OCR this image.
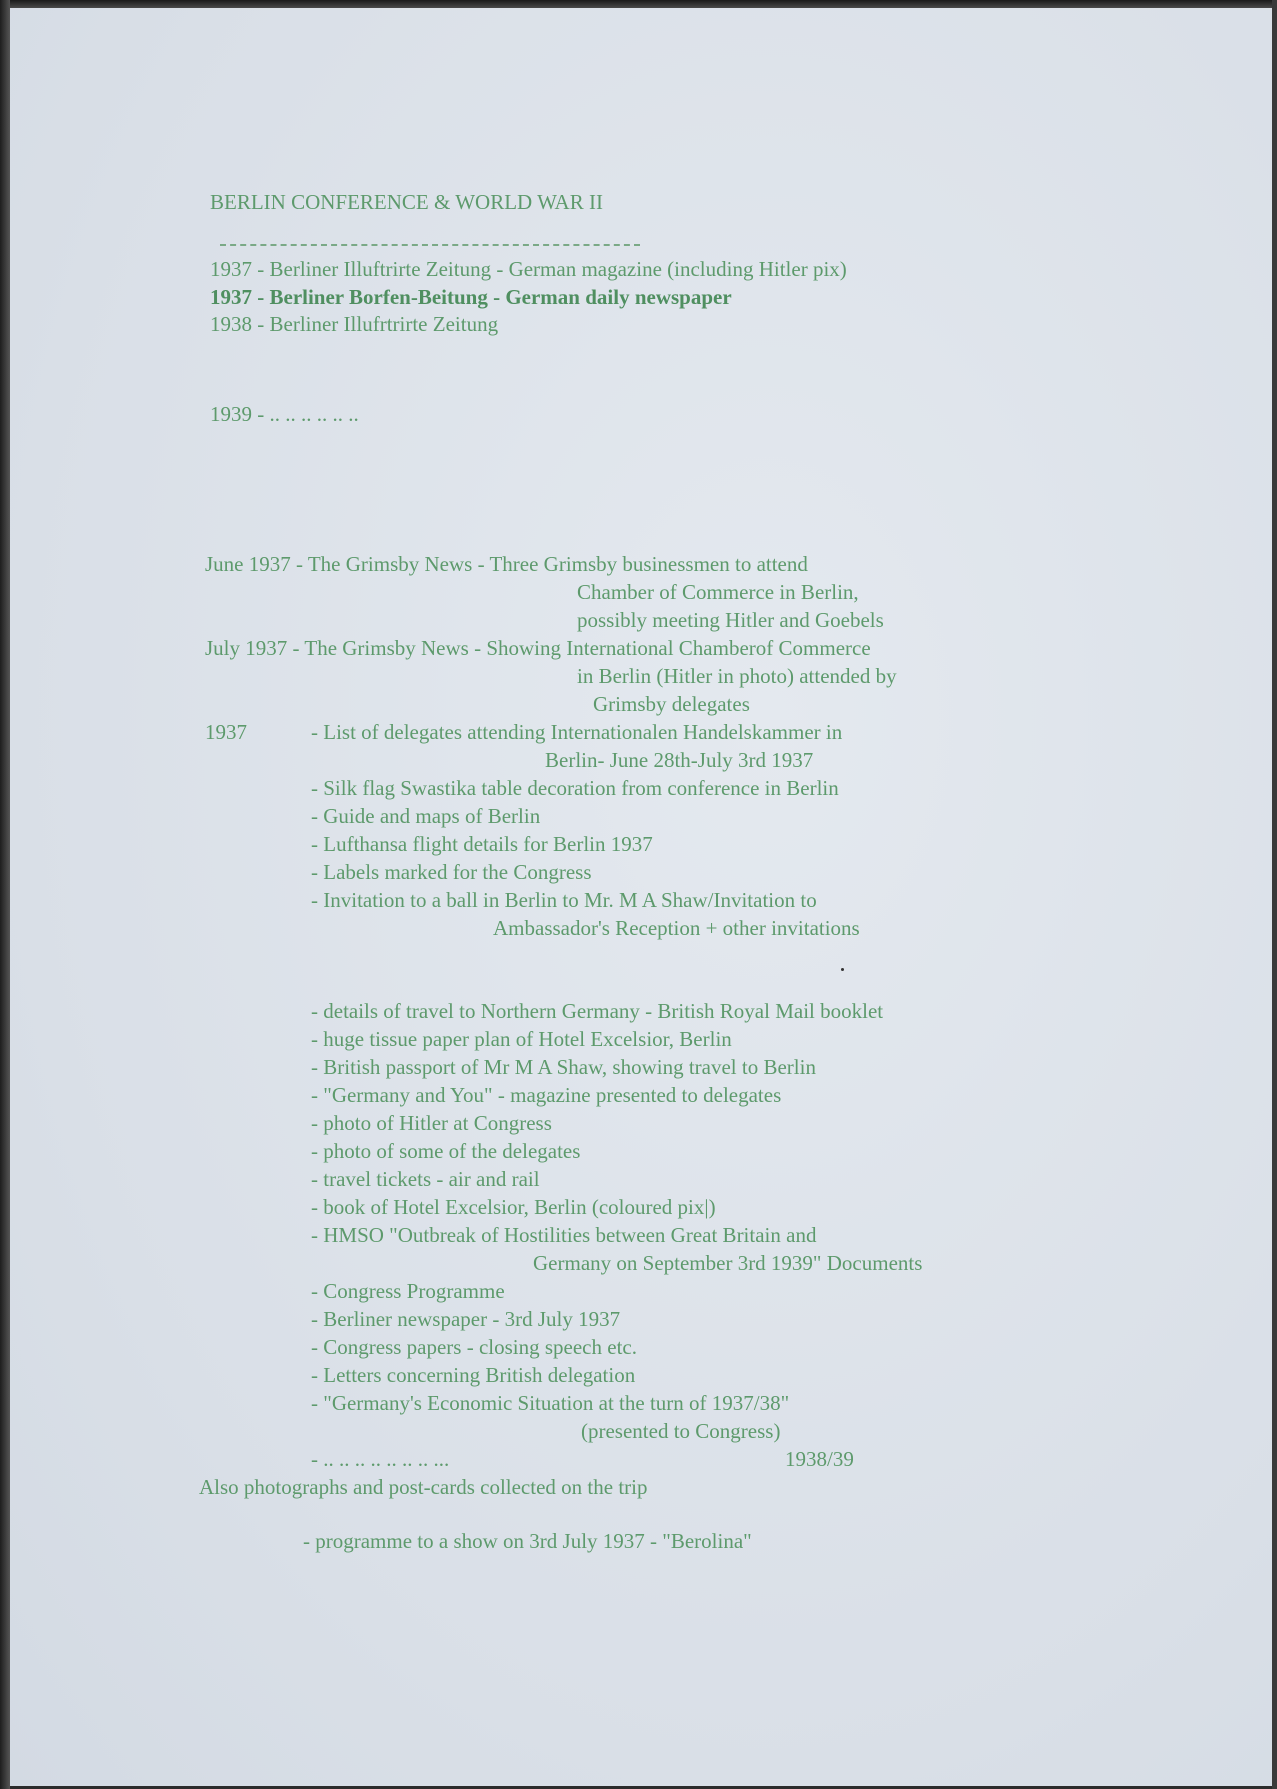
BERLIN CONFERENCE & WORLD WAR II
1937 - Berliner Illuftrirte Zeitung - German magazine (including Hitler pix)
1937 - Berliner Borfen-Beitung - German daily newspaper
1938 - Berliner Illufrtrirte Zeitung
1939 - .. .. .. .. .. ..
June 1937 - The Grimsby News - Three Grimsby businessmen to attend
Chamber of Commerce in Berlin,
possibly meeting Hitler and Goebels
July 1937 - The Grimsby News - Showing International Chamberof Commerce
in Berlin (Hitler in photo) attended by
Grimsby delegates
1937	- List of delegates attending Internationalen Handelskammer in
Berlin- June 28th-July 3rd 1937
- Silk flag Swastika table decoration from conference in Berlin
- Guide and maps of Berlin
- Lufthansa flight details for Berlin 1937
- Labels marked for the Congress
- Invitation to a ball in Berlin to Mr. M A Shaw/Invitation to
Ambassador's Reception + other invitations
- details of travel to Northern Germany - British Royal Mail booklet
- huge tissue paper plan of Hotel Excelsior, Berlin
- British passport of Mr M A Shaw, showing travel to Berlin
- "Germany and You" - magazine presented to delegates
- photo of Hitler at Congress
- photo of some of the delegates
- travel tickets - air and rail
- book of Hotel Excelsior, Berlin (coloured pix|)
- HMSO "Outbreak of Hostilities between Great Britain and
Germany on September 3rd 1939" Documents
- Congress Programme
- Berliner newspaper - 3rd July 1937
- Congress papers - closing speech etc.
- Letters concerning British delegation
- "Germany's Economic Situation at the turn of 1937/38"
(presented to Congress)
- .. .. .. .. .. .. .. ...	1938/39
Also photographs and post-cards collected on the trip
- programme to a show on 3rd July 1937 - "Berolina"
